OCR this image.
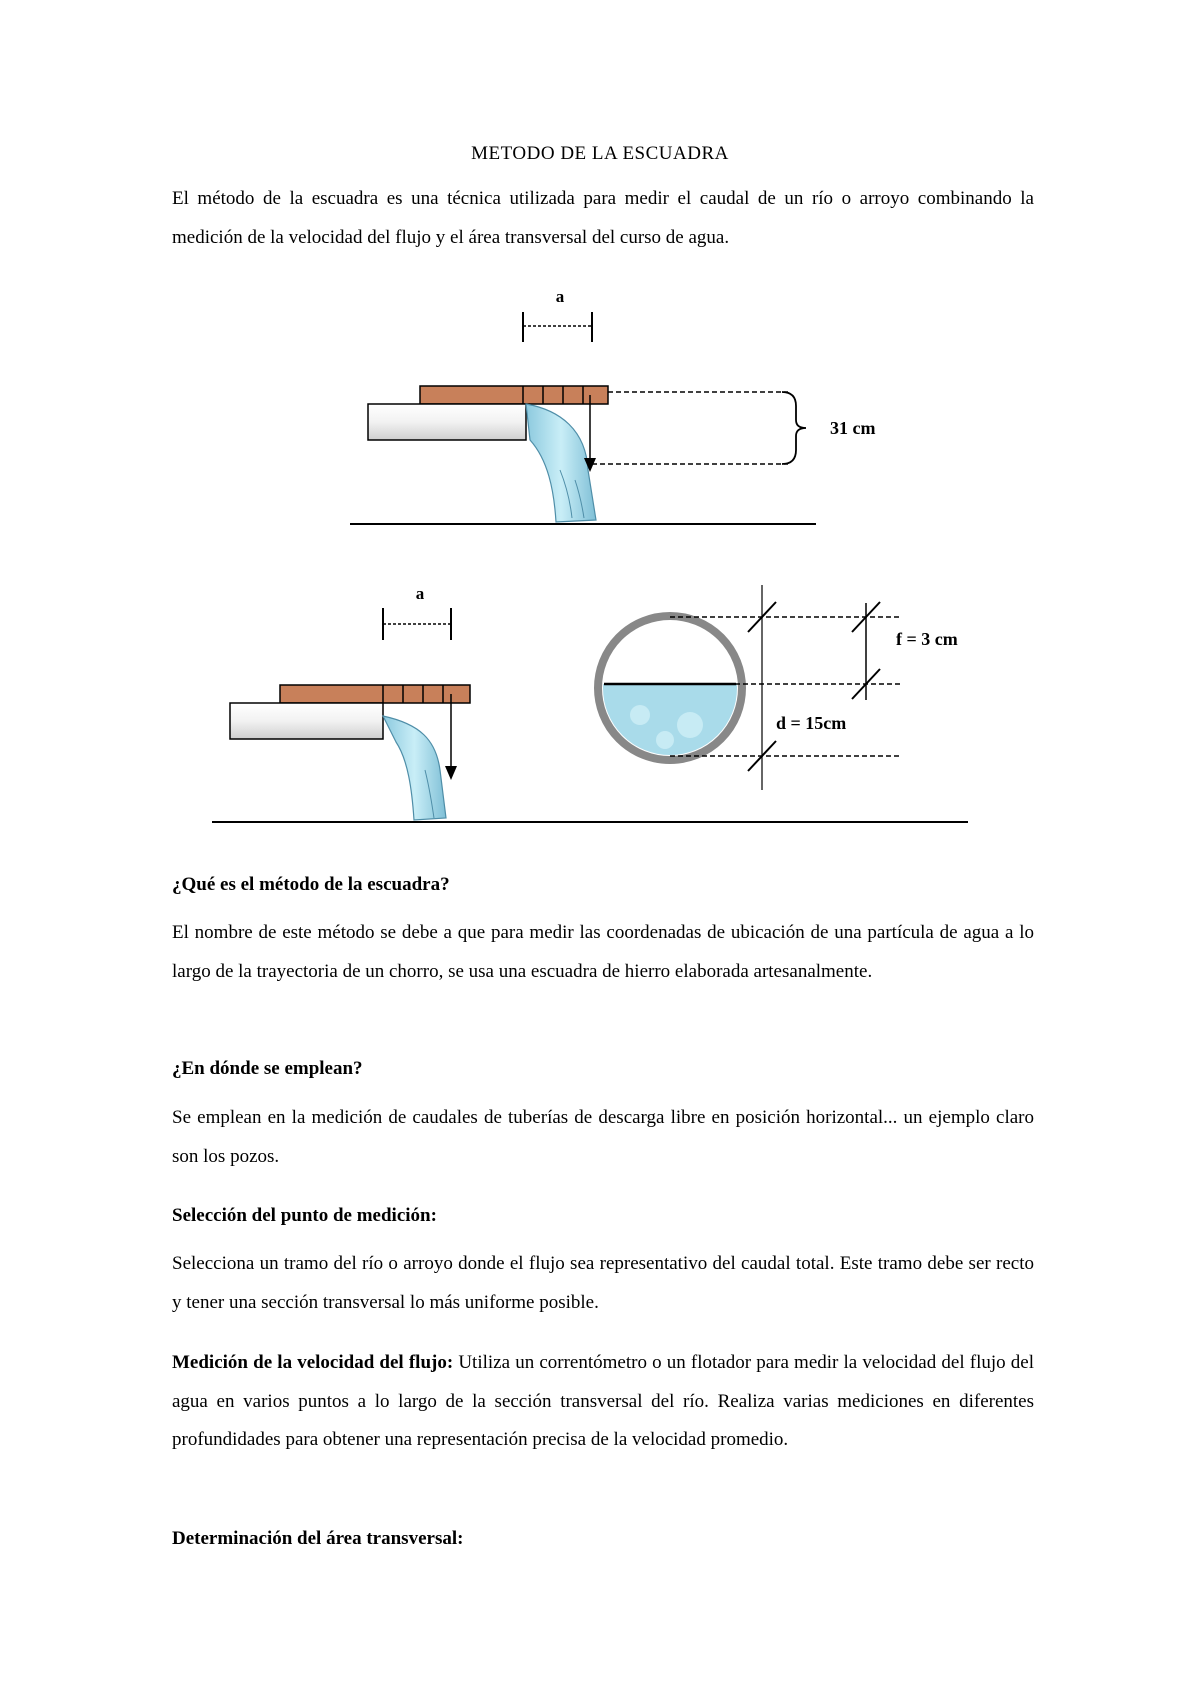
METODO DE LA ESCUADRA

El método de la escuadra es una técnica utilizada para medir el caudal de un río o arroyo combinando la medición de la velocidad del flujo y el área transversal del curso de agua.

a
31 cm
a
f = 3 cm
d = 15cm

¿Qué es el método de la escuadra?

El nombre de este método se debe a que para medir las coordenadas de ubicación de una partícula de agua a lo largo de la trayectoria de un chorro, se usa una escuadra de hierro elaborada artesanalmente.

¿En dónde se emplean?

Se emplean en la medición de caudales de tuberías de descarga libre en posición horizontal... un ejemplo claro son los pozos.

Selección del punto de medición:

Selecciona un tramo del río o arroyo donde el flujo sea representativo del caudal total. Este tramo debe ser recto y tener una sección transversal lo más uniforme posible.

Medición de la velocidad del flujo: Utiliza un correntómetro o un flotador para medir la velocidad del flujo del agua en varios puntos a lo largo de la sección transversal del río. Realiza varias mediciones en diferentes profundidades para obtener una representación precisa de la velocidad promedio.

Determinación del área transversal:
